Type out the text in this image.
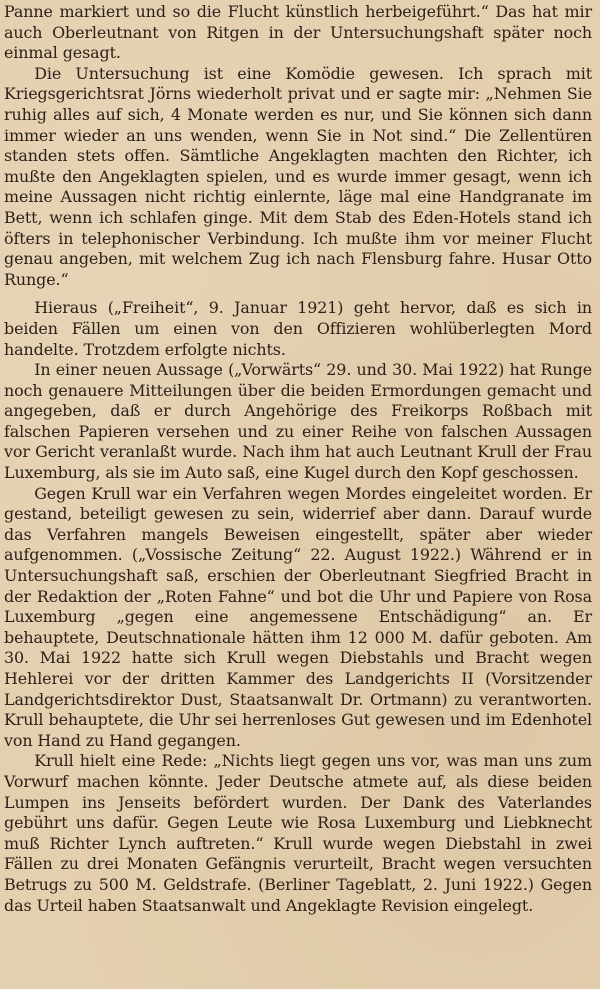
Panne markiert und so die Flucht künstlich herbeigeführt.“ Das hat mir auch Oberleutnant von Ritgen in der Untersuchungshaft später noch einmal gesagt.

Die Untersuchung ist eine Komödie gewesen. Ich sprach mit Kriegsgerichtsrat Jörns wiederholt privat und er sagte mir: „Nehmen Sie ruhig alles auf sich, 4 Monate werden es nur, und Sie können sich dann immer wieder an uns wenden, wenn Sie in Not sind.“ Die Zellentüren standen stets offen. Sämtliche Angeklagten machten den Richter, ich mußte den Angeklagten spielen, und es wurde immer gesagt, wenn ich meine Aussagen nicht richtig einlernte, läge mal eine Handgranate im Bett, wenn ich schlafen ginge. Mit dem Stab des Eden-Hotels stand ich öfters in telephonischer Verbindung. Ich mußte ihm vor meiner Flucht genau angeben, mit welchem Zug ich nach Flensburg fahre. Husar Otto Runge.“

Hieraus („Freiheit“, 9. Januar 1921) geht hervor, daß es sich in beiden Fällen um einen von den Offizieren wohlüberlegten Mord handelte. Trotzdem erfolgte nichts.

In einer neuen Aussage („Vorwärts“ 29. und 30. Mai 1922) hat Runge noch genauere Mitteilungen über die beiden Ermordungen gemacht und angegeben, daß er durch Angehörige des Freikorps Roßbach mit falschen Papieren versehen und zu einer Reihe von falschen Aussagen vor Gericht veranlaßt wurde. Nach ihm hat auch Leutnant Krull der Frau Luxemburg, als sie im Auto saß, eine Kugel durch den Kopf geschossen.

Gegen Krull war ein Verfahren wegen Mordes eingeleitet worden. Er gestand, beteiligt gewesen zu sein, widerrief aber dann. Darauf wurde das Verfahren mangels Beweisen eingestellt, später aber wieder aufgenommen. („Vossische Zeitung“ 22. August 1922.) Während er in Untersuchungshaft saß, erschien der Oberleutnant Siegfried Bracht in der Redaktion der „Roten Fahne“ und bot die Uhr und Papiere von Rosa Luxemburg „gegen eine angemessene Entschädigung“ an. Er behauptete, Deutschnationale hätten ihm 12 000 M. dafür geboten. Am 30. Mai 1922 hatte sich Krull wegen Diebstahls und Bracht wegen Hehlerei vor der dritten Kammer des Landgerichts II (Vorsitzender Landgerichtsdirektor Dust, Staatsanwalt Dr. Ortmann) zu verantworten. Krull behauptete, die Uhr sei herrenloses Gut gewesen und im Edenhotel von Hand zu Hand gegangen.

Krull hielt eine Rede: „Nichts liegt gegen uns vor, was man uns zum Vorwurf machen könnte. Jeder Deutsche atmete auf, als diese beiden Lumpen ins Jenseits befördert wurden. Der Dank des Vaterlandes gebührt uns dafür. Gegen Leute wie Rosa Luxemburg und Liebknecht muß Richter Lynch auftreten.“ Krull wurde wegen Diebstahl in zwei Fällen zu drei Monaten Gefängnis verurteilt, Bracht wegen versuchten Betrugs zu 500 M. Geldstrafe. (Berliner Tageblatt, 2. Juni 1922.) Gegen das Urteil haben Staatsanwalt und Angeklagte Revision eingelegt.
